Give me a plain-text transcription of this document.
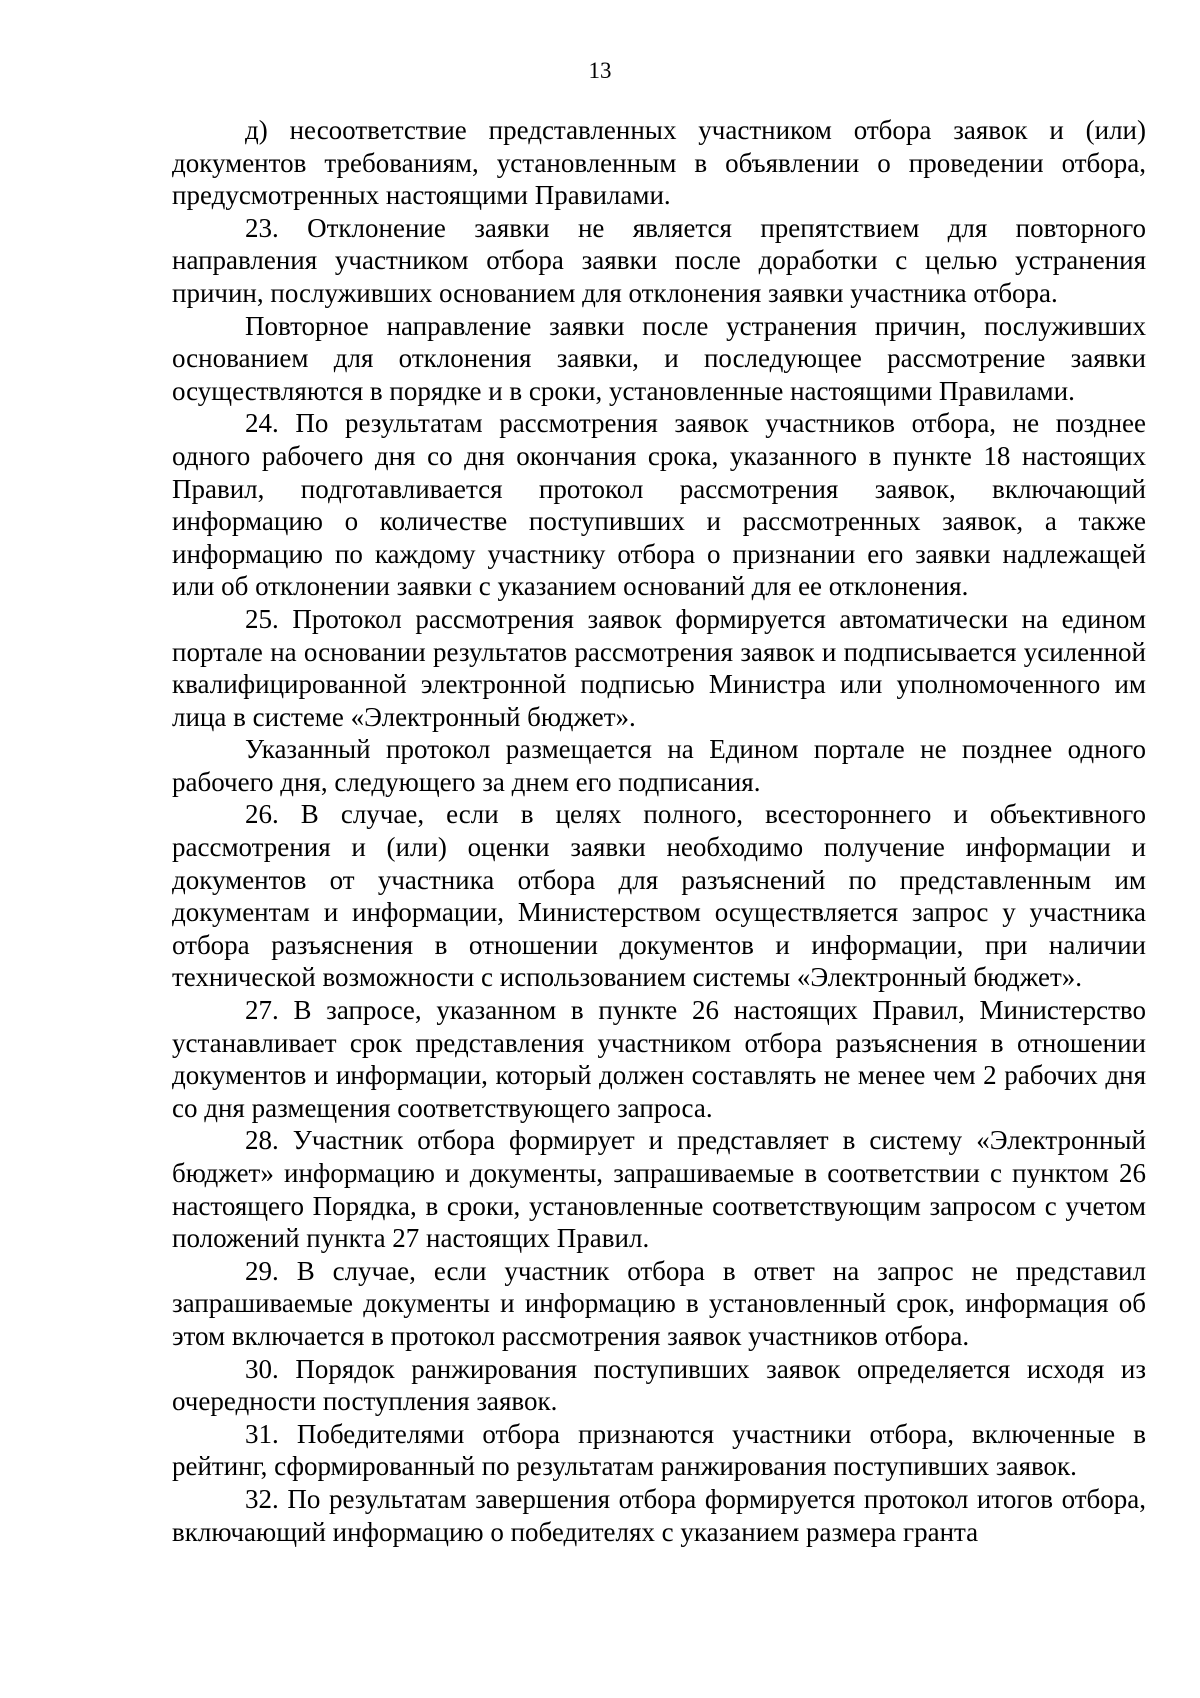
13

д) несоответствие представленных участником отбора заявок и (или) документов требованиям, установленным в объявлении о проведении отбора, предусмотренных настоящими Правилами.

23. Отклонение заявки не является препятствием для повторного направления участником отбора заявки после доработки с целью устранения причин, послуживших основанием для отклонения заявки участника отбора.

Повторное направление заявки после устранения причин, послуживших основанием для отклонения заявки, и последующее рассмотрение заявки осуществляются в порядке и в сроки, установленные настоящими Правилами.

24. По результатам рассмотрения заявок участников отбора, не позднее одного рабочего дня со дня окончания срока, указанного в пункте 18 настоящих Правил, подготавливается протокол рассмотрения заявок, включающий информацию о количестве поступивших и рассмотренных заявок, а также информацию по каждому участнику отбора о признании его заявки надлежащей или об отклонении заявки с указанием оснований для ее отклонения.

25. Протокол рассмотрения заявок формируется автоматически на едином портале на основании результатов рассмотрения заявок и подписывается усиленной квалифицированной электронной подписью Министра или уполномоченного им лица в системе «Электронный бюджет».

Указанный протокол размещается на Едином портале не позднее одного рабочего дня, следующего за днем его подписания.

26. В случае, если в целях полного, всестороннего и объективного рассмотрения и (или) оценки заявки необходимо получение информации и документов от участника отбора для разъяснений по представленным им документам и информации, Министерством осуществляется запрос у участника отбора разъяснения в отношении документов и информации, при наличии технической возможности с использованием системы «Электронный бюджет».

27. В запросе, указанном в пункте 26 настоящих Правил, Министерство устанавливает срок представления участником отбора разъяснения в отношении документов и информации, который должен составлять не менее чем 2 рабочих дня со дня размещения соответствующего запроса.

28. Участник отбора формирует и представляет в систему «Электронный бюджет» информацию и документы, запрашиваемые в соответствии с пунктом 26 настоящего Порядка, в сроки, установленные соответствующим запросом с учетом положений пункта 27 настоящих Правил.

29. В случае, если участник отбора в ответ на запрос не представил запрашиваемые документы и информацию в установленный срок, информация об этом включается в протокол рассмотрения заявок участников отбора.

30. Порядок ранжирования поступивших заявок определяется исходя из очередности поступления заявок.

31. Победителями отбора признаются участники отбора, включенные в рейтинг, сформированный по результатам ранжирования поступивших заявок.

32. По результатам завершения отбора формируется протокол итогов отбора, включающий информацию о победителях с указанием размера гранта
